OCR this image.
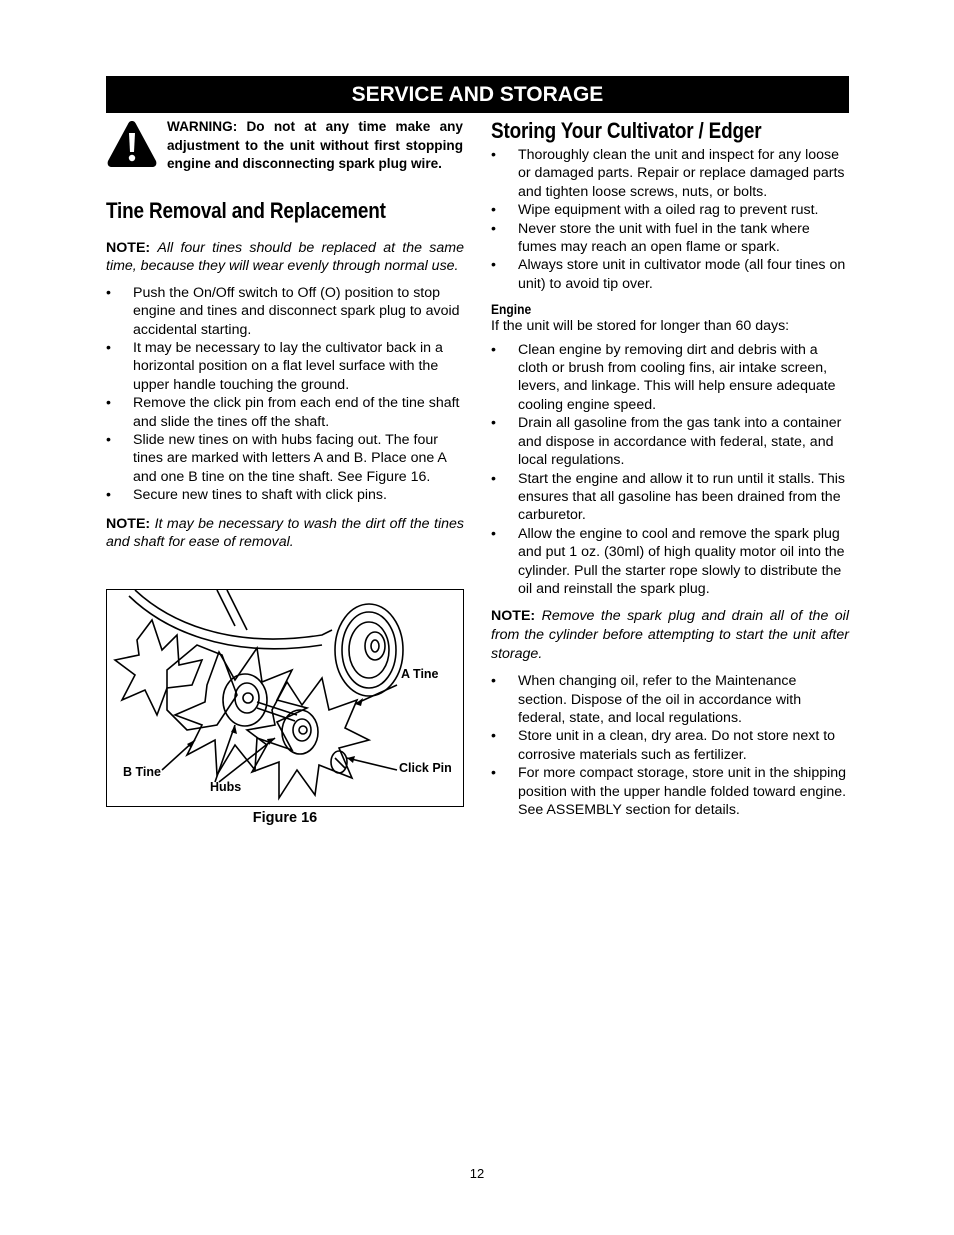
SERVICE AND STORAGE
WARNING: Do not at any time make any adjustment to the unit without first stopping engine and disconnecting spark plug wire.
Tine Removal and Replacement

NOTE: All four tines should be replaced at the same time, because they will wear evenly through normal use.

• Push the On/Off switch to Off (O) position to stop engine and tines and disconnect spark plug to avoid accidental starting.
• It may be necessary to lay the cultivator back in a horizontal position on a flat level surface with the upper handle touching the ground.
• Remove the click pin from each end of the tine shaft and slide the tines off the shaft.
• Slide new tines on with hubs facing out. The four tines are marked with letters A and B. Place one A and one B tine on the tine shaft. See Figure 16.
• Secure new tines to shaft with click pins.

NOTE: It may be necessary to wash the dirt off the tines and shaft for ease of removal.

A Tine
B Tine
Hubs
Click Pin
Figure 16
Storing Your Cultivator / Edger
• Thoroughly clean the unit and inspect for any loose or damaged parts. Repair or replace damaged parts and tighten loose screws, nuts, or bolts.
• Wipe equipment with a oiled rag to prevent rust.
• Never store the unit with fuel in the tank where fumes may reach an open flame or spark.
• Always store unit in cultivator mode (all four tines on unit) to avoid tip over.
Engine

If the unit will be stored for longer than 60 days:

• Clean engine by removing dirt and debris with a cloth or brush from cooling fins, air intake screen, levers, and linkage. This will help ensure adequate cooling engine speed.
• Drain all gasoline from the gas tank into a container and dispose in accordance with federal, state, and local regulations.
• Start the engine and allow it to run until it stalls. This ensures that all gasoline has been drained from the carburetor.
• Allow the engine to cool and remove the spark plug and put 1 oz. (30ml) of high quality motor oil into the cylinder. Pull the starter rope slowly to distribute the oil and reinstall the spark plug.

NOTE: Remove the spark plug and drain all of the oil from the cylinder before attempting to start the unit after storage.

• When changing oil, refer to the Maintenance section. Dispose of the oil in accordance with federal, state, and local regulations.
• Store unit in a clean, dry area. Do not store next to corrosive materials such as fertilizer.
• For more compact storage, store unit in the shipping position with the upper handle folded toward engine. See ASSEMBLY section for details.
12
